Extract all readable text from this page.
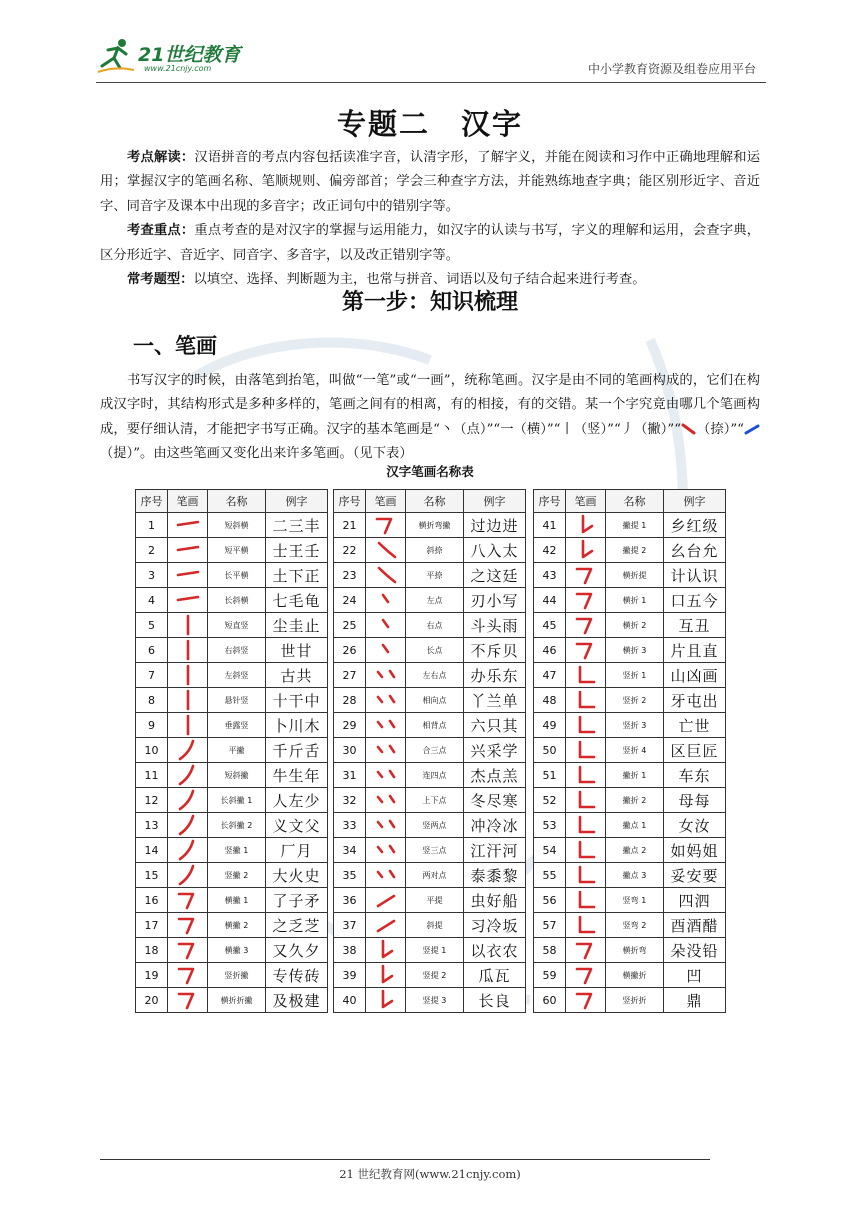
21世纪教育
www.21cnjy.com	中小学教育资源及组卷应用平台
专题二　汉字
考点解读：汉语拼音的考点内容包括读准字音，认清字形，了解字义，并能在阅读和习作中正确地理解和运用；掌握汉字的笔画名称、笔顺规则、偏旁部首；学会三种查字方法，并能熟练地查字典；能区别形近字、音近字、同音字及课本中出现的多音字；改正词句中的错别字等。
考查重点：重点考查的是对汉字的掌握与运用能力，如汉字的认读与书写，字义的理解和运用，会查字典，区分形近字、音近字、同音字、多音字，以及改正错别字等。
常考题型：以填空、选择、判断题为主，也常与拼音、词语以及句子结合起来进行考查。
第一步：知识梳理
一、笔画
书写汉字的时候，由落笔到抬笔，叫做“一笔”或“一画”，统称笔画。汉字是由不同的笔画构成的，它们在构成汉字时，其结构形式是多种多样的，笔画之间有的相离，有的相接，有的交错。某一个字究竟由哪几个笔画构成，要仔细认清，才能把字书写正确。汉字的基本笔画是“丶（点）”“一（横）”“丨（竖）”“丿（撇）”“ （捺）”“（提）”。由这些笔画又变化出来许多笔画。（见下表）
汉字笔画名称表
序号	笔画	名称	例字
1		短斜横	二三丰
2		短平横	士王壬
3		长平横	土下正
4		长斜横	七毛龟
5		短直竖	尘圭止
6		右斜竖	世甘
7		左斜竖	古共
8		悬针竖	十干中
9		垂露竖	卜川木
10		平撇	千斤舌
11		短斜撇	牛生年
12		长斜撇 1	人左少
13		长斜撇 2	义文父
14		竖撇 1	厂月
15		竖撇 2	大火史
16		横撇 1	了子矛
17		横撇 2	之乏芝
18		横撇 3	又久夕
19		竖折撇	专传砖
20		横折折撇	及极建
序号	笔画	名称	例字
21		横折弯撇	过边进
22		斜捺	八入太
23		平捺	之这廷
24		左点	刃小写
25		右点	斗头雨
26		长点	不斥贝
27		左右点	办乐东
28		相向点	丫兰单
29		相背点	六只其
30		合三点	兴采学
31		连四点	杰点羔
32		上下点	冬尽寒
33		竖两点	冲冷冰
34		竖三点	江汗河
35		两对点	泰黍黎
36		平提	虫好船
37		斜提	习冷坂
38		竖提 1	以衣农
39		竖提 2	瓜瓦
40		竖提 3	长良
序号	笔画	名称	例字
41		撇提 1	乡红级
42		撇提 2	幺台允
43		横折提	计认识
44		横折 1	口五今
45		横折 2	互丑
46		横折 3	片且直
47		竖折 1	山凶画
48		竖折 2	牙屯出
49		竖折 3	亡世
50		竖折 4	区巨匠
51		撇折 1	车东
52		撇折 2	母每
53		撇点 1	女汝
54		撇点 2	如妈姐
55		撇点 3	妥安要
56		竖弯 1	四泗
57		竖弯 2	酉酒醋
58		横折弯	朵没铅
59		横撇折	凹
60		竖折折	鼎
21 世纪教育网(www.21cnjy.com)
